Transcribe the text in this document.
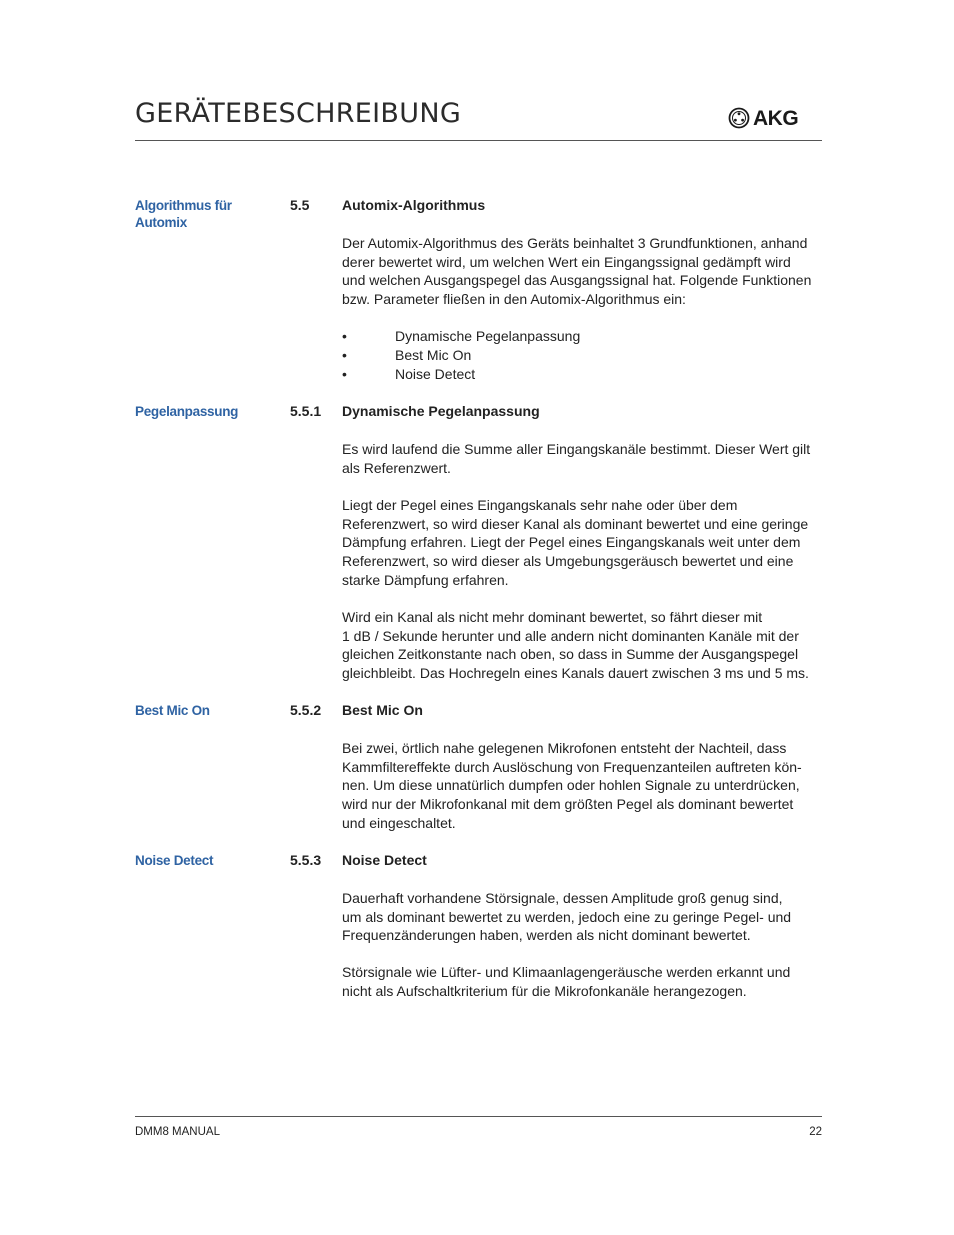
GERÄTEBESCHREIBUNG	AKG
Algorithmus für
Automix
5.5 Automix-Algorithmus
Der Automix-Algorithmus des Geräts beinhaltet 3 Grundfunktionen, anhand
derer bewertet wird, um welchen Wert ein Eingangssignal gedämpft wird
und welchen Ausgangspegel das Ausgangssignal hat. Folgende Funktionen
bzw. Parameter fließen in den Automix-Algorithmus ein:
•	Dynamische Pegelanpassung
•	Best Mic On
•	Noise Detect
Pegelanpassung	5.5.1 Dynamische Pegelanpassung
Es wird laufend die Summe aller Eingangskanäle bestimmt. Dieser Wert gilt
als Referenzwert.
Liegt der Pegel eines Eingangskanals sehr nahe oder über dem
Referenzwert, so wird dieser Kanal als dominant bewertet und eine geringe
Dämpfung erfahren. Liegt der Pegel eines Eingangskanals weit unter dem
Referenzwert, so wird dieser als Umgebungsgeräusch bewertet und eine
starke Dämpfung erfahren.
Wird ein Kanal als nicht mehr dominant bewertet, so fährt dieser mit
1 dB / Sekunde herunter und alle andern nicht dominanten Kanäle mit der
gleichen Zeitkonstante nach oben, so dass in Summe der Ausgangspegel
gleichbleibt. Das Hochregeln eines Kanals dauert zwischen 3 ms und 5 ms.
Best Mic On	5.5.2 Best Mic On
Bei zwei, örtlich nahe gelegenen Mikrofonen entsteht der Nachteil, dass
Kammfiltereffekte durch Auslöschung von Frequenzanteilen auftreten kön-
nen. Um diese unnatürlich dumpfen oder hohlen Signale zu unterdrücken,
wird nur der Mikrofonkanal mit dem größten Pegel als dominant bewertet
und eingeschaltet.
Noise Detect	5.5.3 Noise Detect
Dauerhaft vorhandene Störsignale, dessen Amplitude groß genug sind,
um als dominant bewertet zu werden, jedoch eine zu geringe Pegel- und
Frequenzänderungen haben, werden als nicht dominant bewertet.
Störsignale wie Lüfter- und Klimaanlagengeräusche werden erkannt und
nicht als Aufschaltkriterium für die Mikrofonkanäle herangezogen.
DMM8 MANUAL	22
